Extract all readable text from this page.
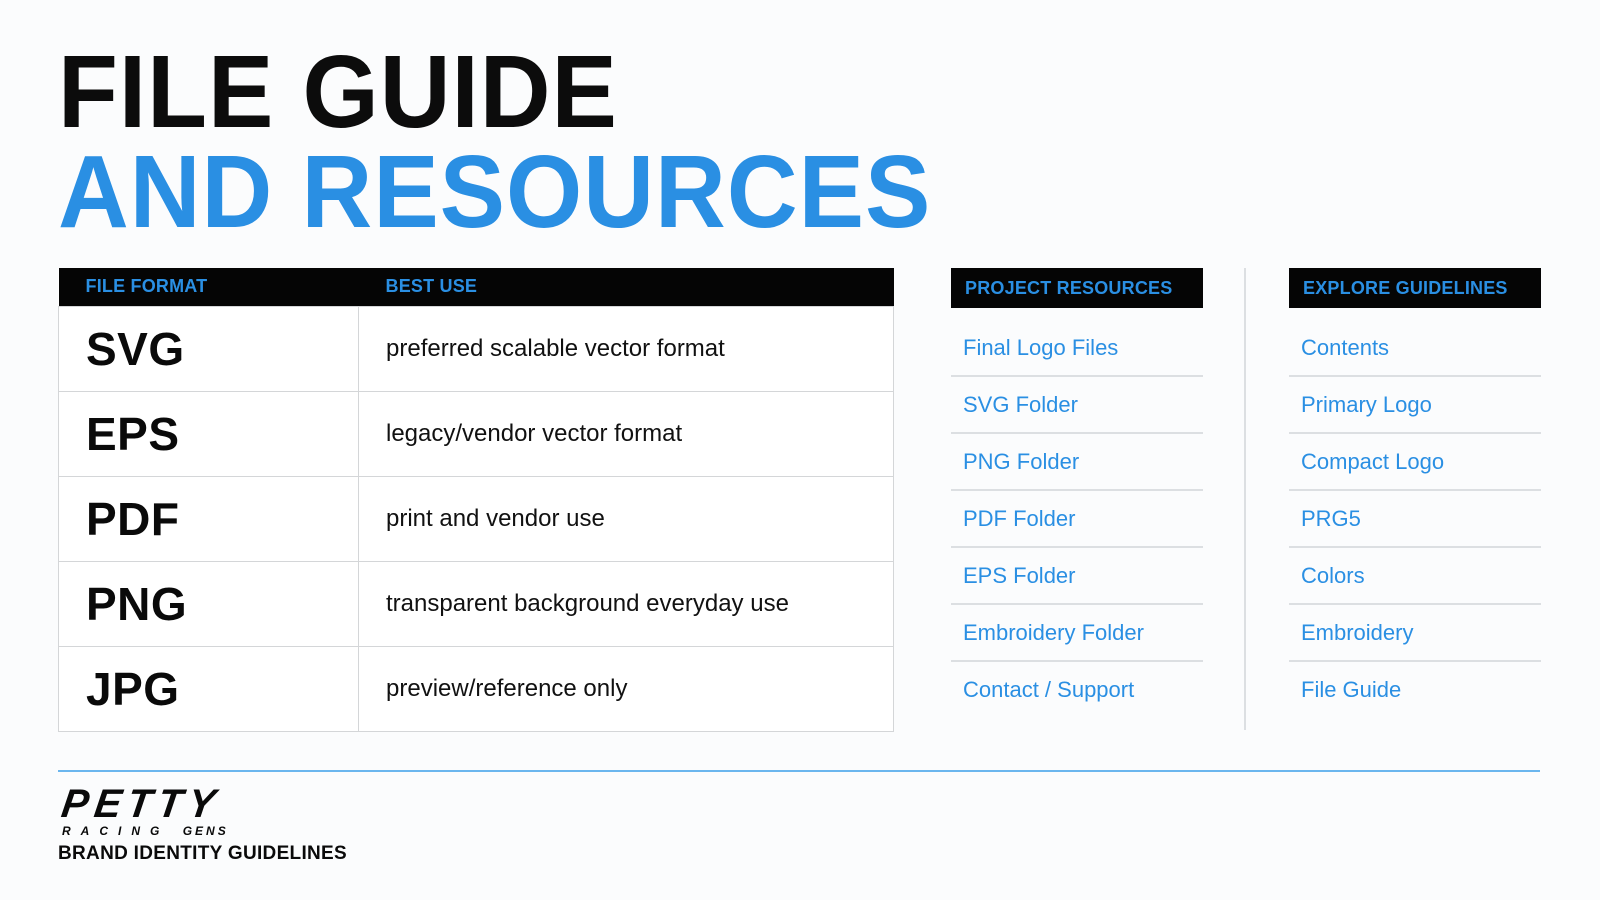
FILE GUIDE
AND RESOURCES
FILE FORMAT	BEST USE
SVG	preferred scalable vector format
EPS	legacy/vendor vector format
PDF	print and vendor use
PNG	transparent background everyday use
JPG	preview/reference only
PROJECT RESOURCES
Final Logo Files
SVG Folder
PNG Folder
PDF Folder
EPS Folder
Embroidery Folder
Contact / Support
EXPLORE GUIDELINES
Contents
Primary Logo
Compact Logo
PRG5
Colors
Embroidery
File Guide
PETTY
RACING GENS
BRAND IDENTITY GUIDELINES
